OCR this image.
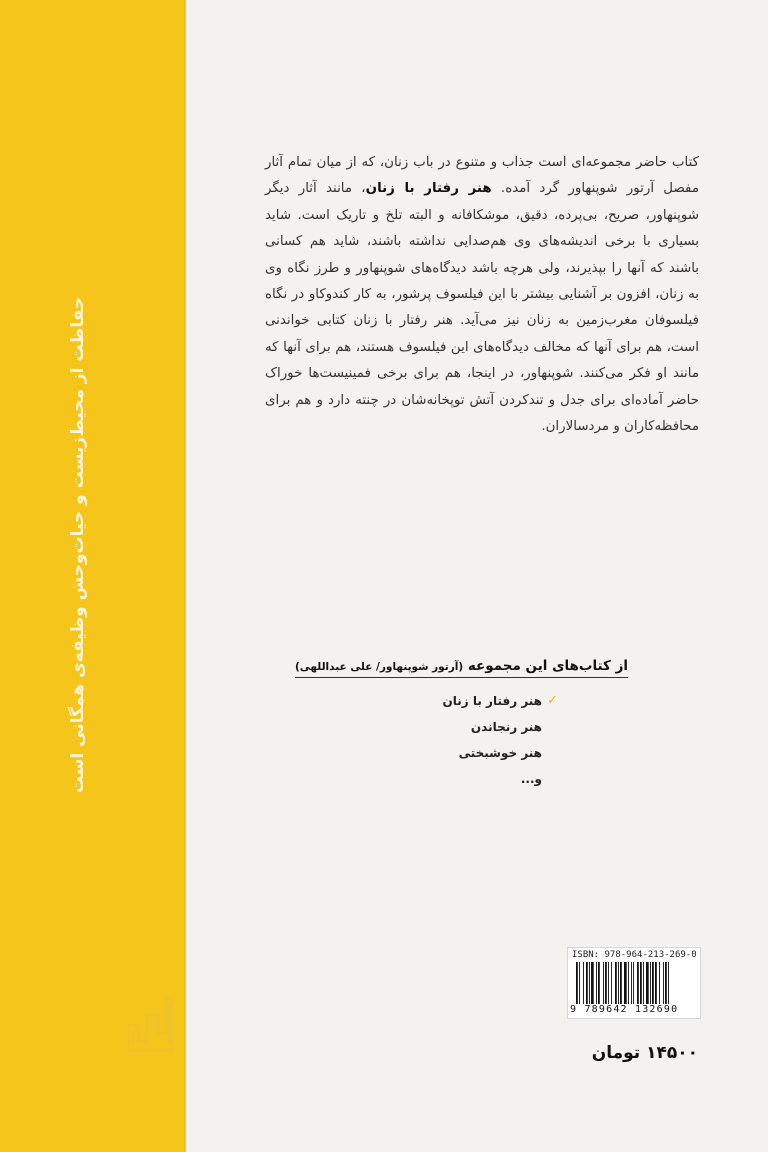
حفاظت از محیط‌زیست و حیات‌وحش وظیفه‌ی همگانی است
کتاب حاضر مجموعه‌ای است جذاب و متنوع در باب زنان، که از میان تمام آثار مفصل آرتور شوپنهاور گرد آمده. هنر رفتار با زنان، مانند آثار دیگر شوپنهاور، صریح، بی‌پرده، دقیق، موشکافانه و البته تلخ و تاریک است. شاید بسیاری با برخی اندیشه‌های وی هم‌صدایی نداشته باشند، شاید هم کسانی باشند که آنها را بپذیرند، ولی هرچه باشد دیدگاه‌های شوپنهاور و طرز نگاه وی به زنان، افزون بر آشنایی بیشتر با این فیلسوف پرشور، به کار کندوکاو در نگاه فیلسوفان مغرب‌زمین به زنان نیز می‌آید. هنر رفتار با زنان کتابی خواندنی است، هم برای آنها که مخالف دیدگاه‌های این فیلسوف هستند، هم برای آنها که مانند او فکر می‌کنند. شوپنهاور، در اینجا، هم برای برخی فمینیست‌ها خوراک حاضر آماده‌ای برای جدل و تندکردن آتش توپخانه‌شان در چنته دارد و هم برای محافظه‌کاران و مردسالاران.
از کتاب‌های این مجموعه (آرتور شوپنهاور/ علی عبداللهی)
✓
هنر رفتار با زنان
هنر رنجاندن
هنر خوشبختی
و...
ISBN: 978-964-213-269-0
9 789642 132690
۱۴۵۰۰ تومان
